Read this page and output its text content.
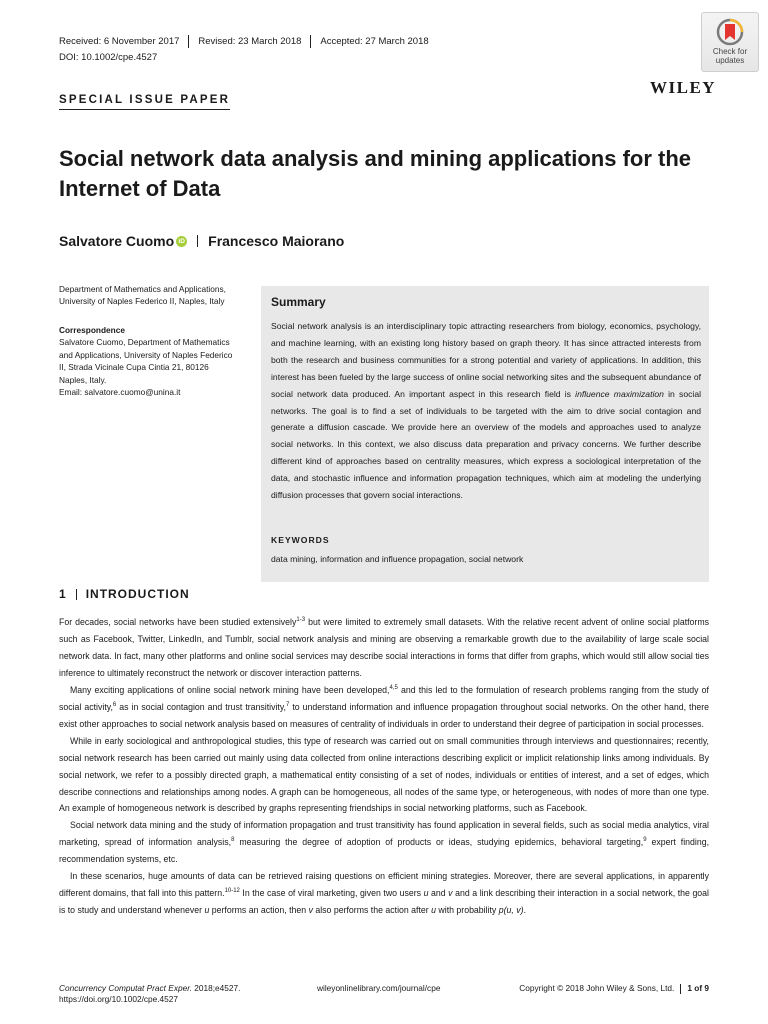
Received: 6 November 2017 Revised: 23 March 2018 Accepted: 27 March 2018
DOI: 10.1002/cpe.4527
Check for
updates
WILEY
SPECIAL ISSUE PAPER
Social network data analysis and mining applications for the Internet of Data
Salvatore Cuomo iD Francesco Maiorano
Department of Mathematics and Applications,
University of Naples Federico II, Naples, Italy
Correspondence
Salvatore Cuomo, Department of Mathematics
and Applications, University of Naples Federico
II, Strada Vicinale Cupa Cintia 21, 80126
Naples, Italy.
Email: salvatore.cuomo@unina.it
Summary
Social network analysis is an interdisciplinary topic attracting researchers from biology, economics, psychology, and machine learning, with an existing long history based on graph theory. It has since attracted interests from both the research and business communities for a strong potential and variety of applications. In addition, this interest has been fueled by the large success of online social networking sites and the subsequent abundance of social network data produced. An important aspect in this research field is influence maximization in social networks. The goal is to find a set of individuals to be targeted with the aim to drive social contagion and generate a diffusion cascade. We provide here an overview of the models and approaches used to analyze social networks. In this context, we also discuss data preparation and privacy concerns. We further describe different kind of approaches based on centrality measures, which express a sociological interpretation of the data, and stochastic influence and information propagation techniques, which aim at modeling the underlying diffusion processes that govern social interactions.
KEYWORDS
data mining, information and influence propagation, social network
1 INTRODUCTION

For decades, social networks have been studied extensively$^{1-3}$ but were limited to extremely small datasets. With the relative recent advent of online social platforms such as Facebook, Twitter, LinkedIn, and Tumblr, social network analysis and mining are observing a remarkable growth due to the availability of large scale social network data. In fact, many other platforms and online social services may describe social interactions in forms that differ from graphs, which would still allow social ties inference to ultimately reconstruct the network or discover interaction patterns.

Many exciting applications of online social network mining have been developed,$^{4,5}$ and this led to the formulation of research problems ranging from the study of social activity,$^6$ as in social contagion and trust transitivity,$^7$ to understand information and influence propagation throughout social networks. On the other hand, there exist other approaches to social network analysis based on measures of centrality of individuals in order to understand their degree of participation in social processes.

While in early sociological and anthropological studies, this type of research was carried out on small communities through interviews and questionnaires; recently, social network research has been carried out mainly using data collected from online interactions describing explicit or implicit relationship links among individuals. By social network, we refer to a possibly directed graph, a mathematical entity consisting of a set of nodes, individuals or entities of interest, and a set of edges, which describe connections and relationships among nodes. A graph can be homogeneous, all nodes of the same type, or heterogeneous, with nodes of more than one type. An example of homogeneous network is described by graphs representing friendships in social networking platforms, such as Facebook.

Social network data mining and the study of information propagation and trust transitivity has found application in several fields, such as social media analytics, viral marketing, spread of information analysis,$^8$ measuring the degree of adoption of products or ideas, studying epidemics, behavioral targeting,$^9$ expert finding, recommendation systems, etc.

In these scenarios, huge amounts of data can be retrieved raising questions on efficient mining strategies. Moreover, there are several applications, in apparently different domains, that fall into this pattern.$^{10-12}$ In the case of viral marketing, given two users u and v and a link describing their interaction in a social network, the goal is to study and understand whenever u performs an action, then v also performs the action after u with probability p(u, v).

Concurrency Computat Pract Exper. 2018;e4527.
https://doi.org/10.1002/cpe.4527
wileyonlinelibrary.com/journal/cpe	Copyright © 2018 John Wiley & Sons, Ltd. 1 of 9
